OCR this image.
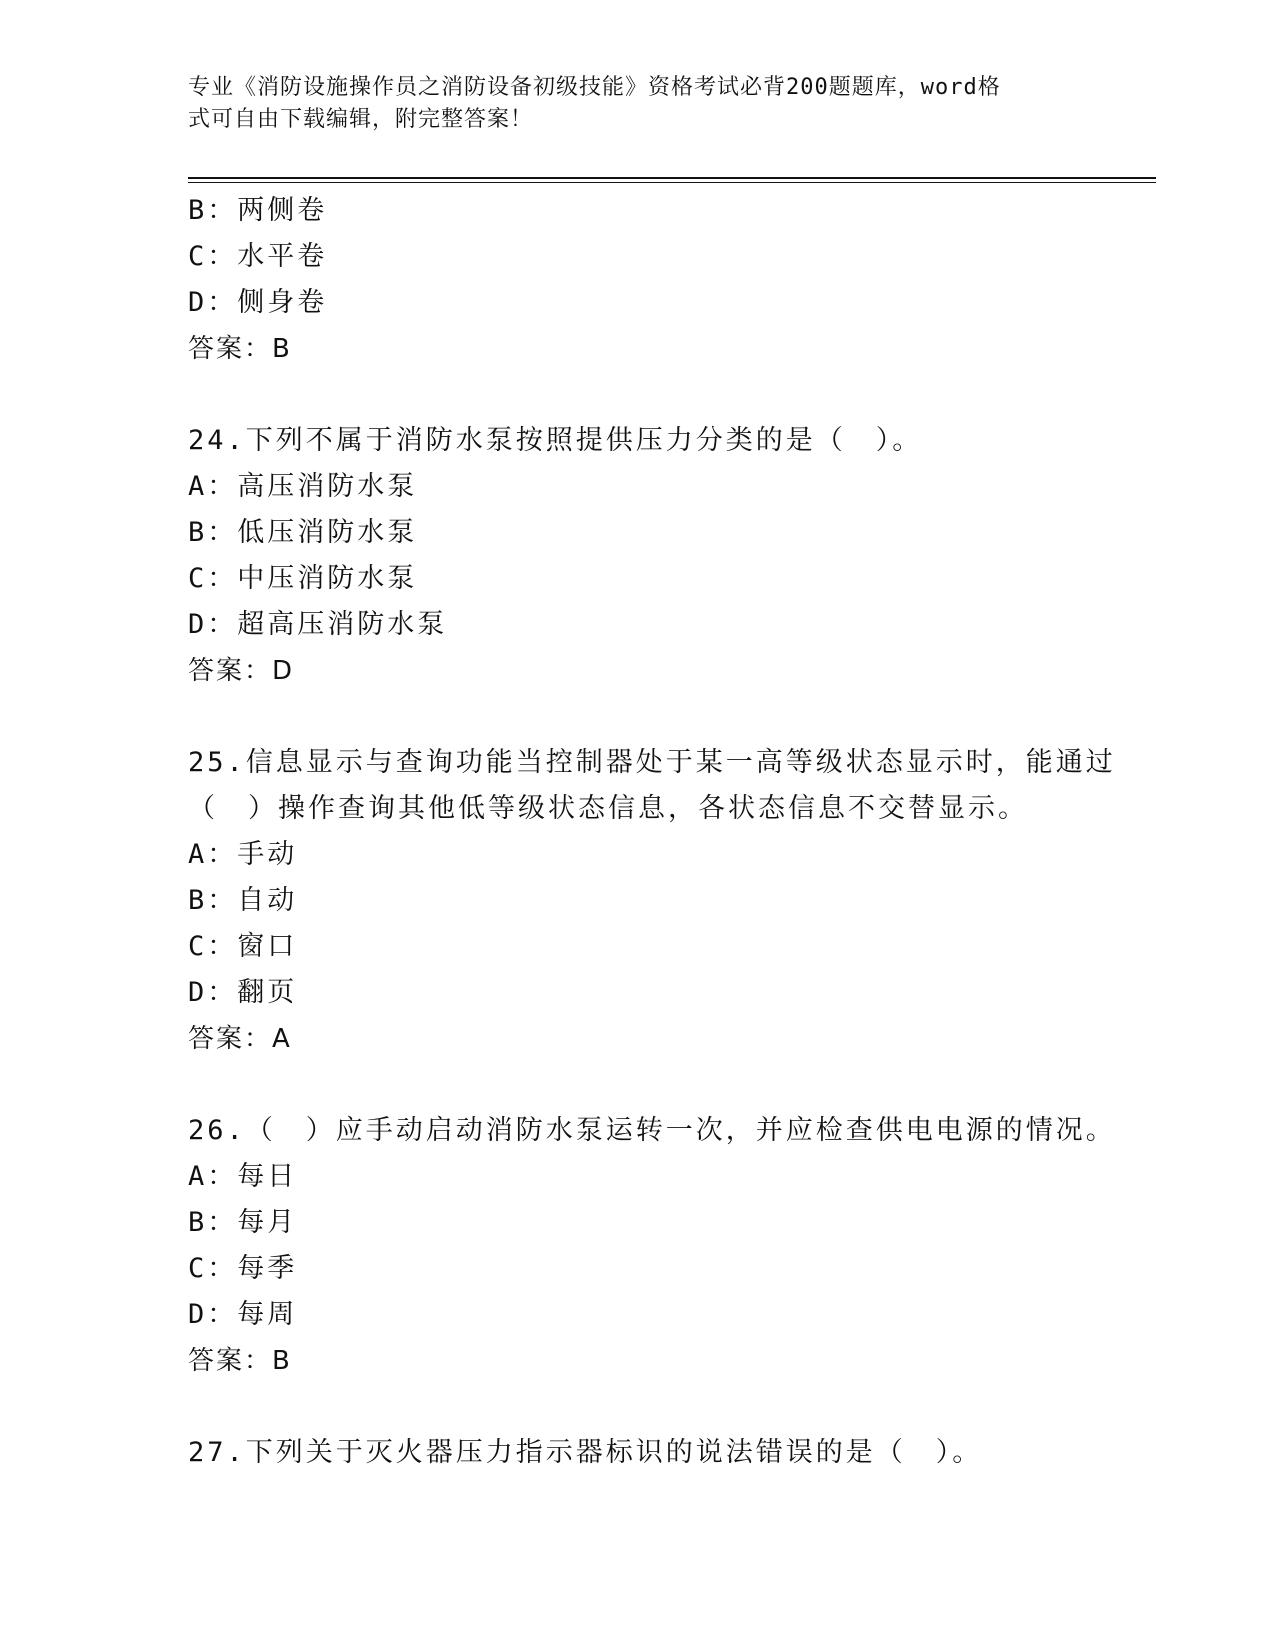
专业《消防设施操作员之消防设备初级技能》资格考试必背200题题库，word格
式可自由下载编辑，附完整答案！
B：两侧卷
C：水平卷
D：侧身卷
答案：B
24.下列不属于消防水泵按照提供压力分类的是（　）。
A：高压消防水泵
B：低压消防水泵
C：中压消防水泵
D：超高压消防水泵
答案：D
25.信息显示与查询功能当控制器处于某一高等级状态显示时，能通过
（　）操作查询其他低等级状态信息，各状态信息不交替显示。
A：手动
B：自动
C：窗口
D：翻页
答案：A
26.（　）应手动启动消防水泵运转一次，并应检查供电电源的情况。
A：每日
B：每月
C：每季
D：每周
答案：B
27.下列关于灭火器压力指示器标识的说法错误的是（　）。
